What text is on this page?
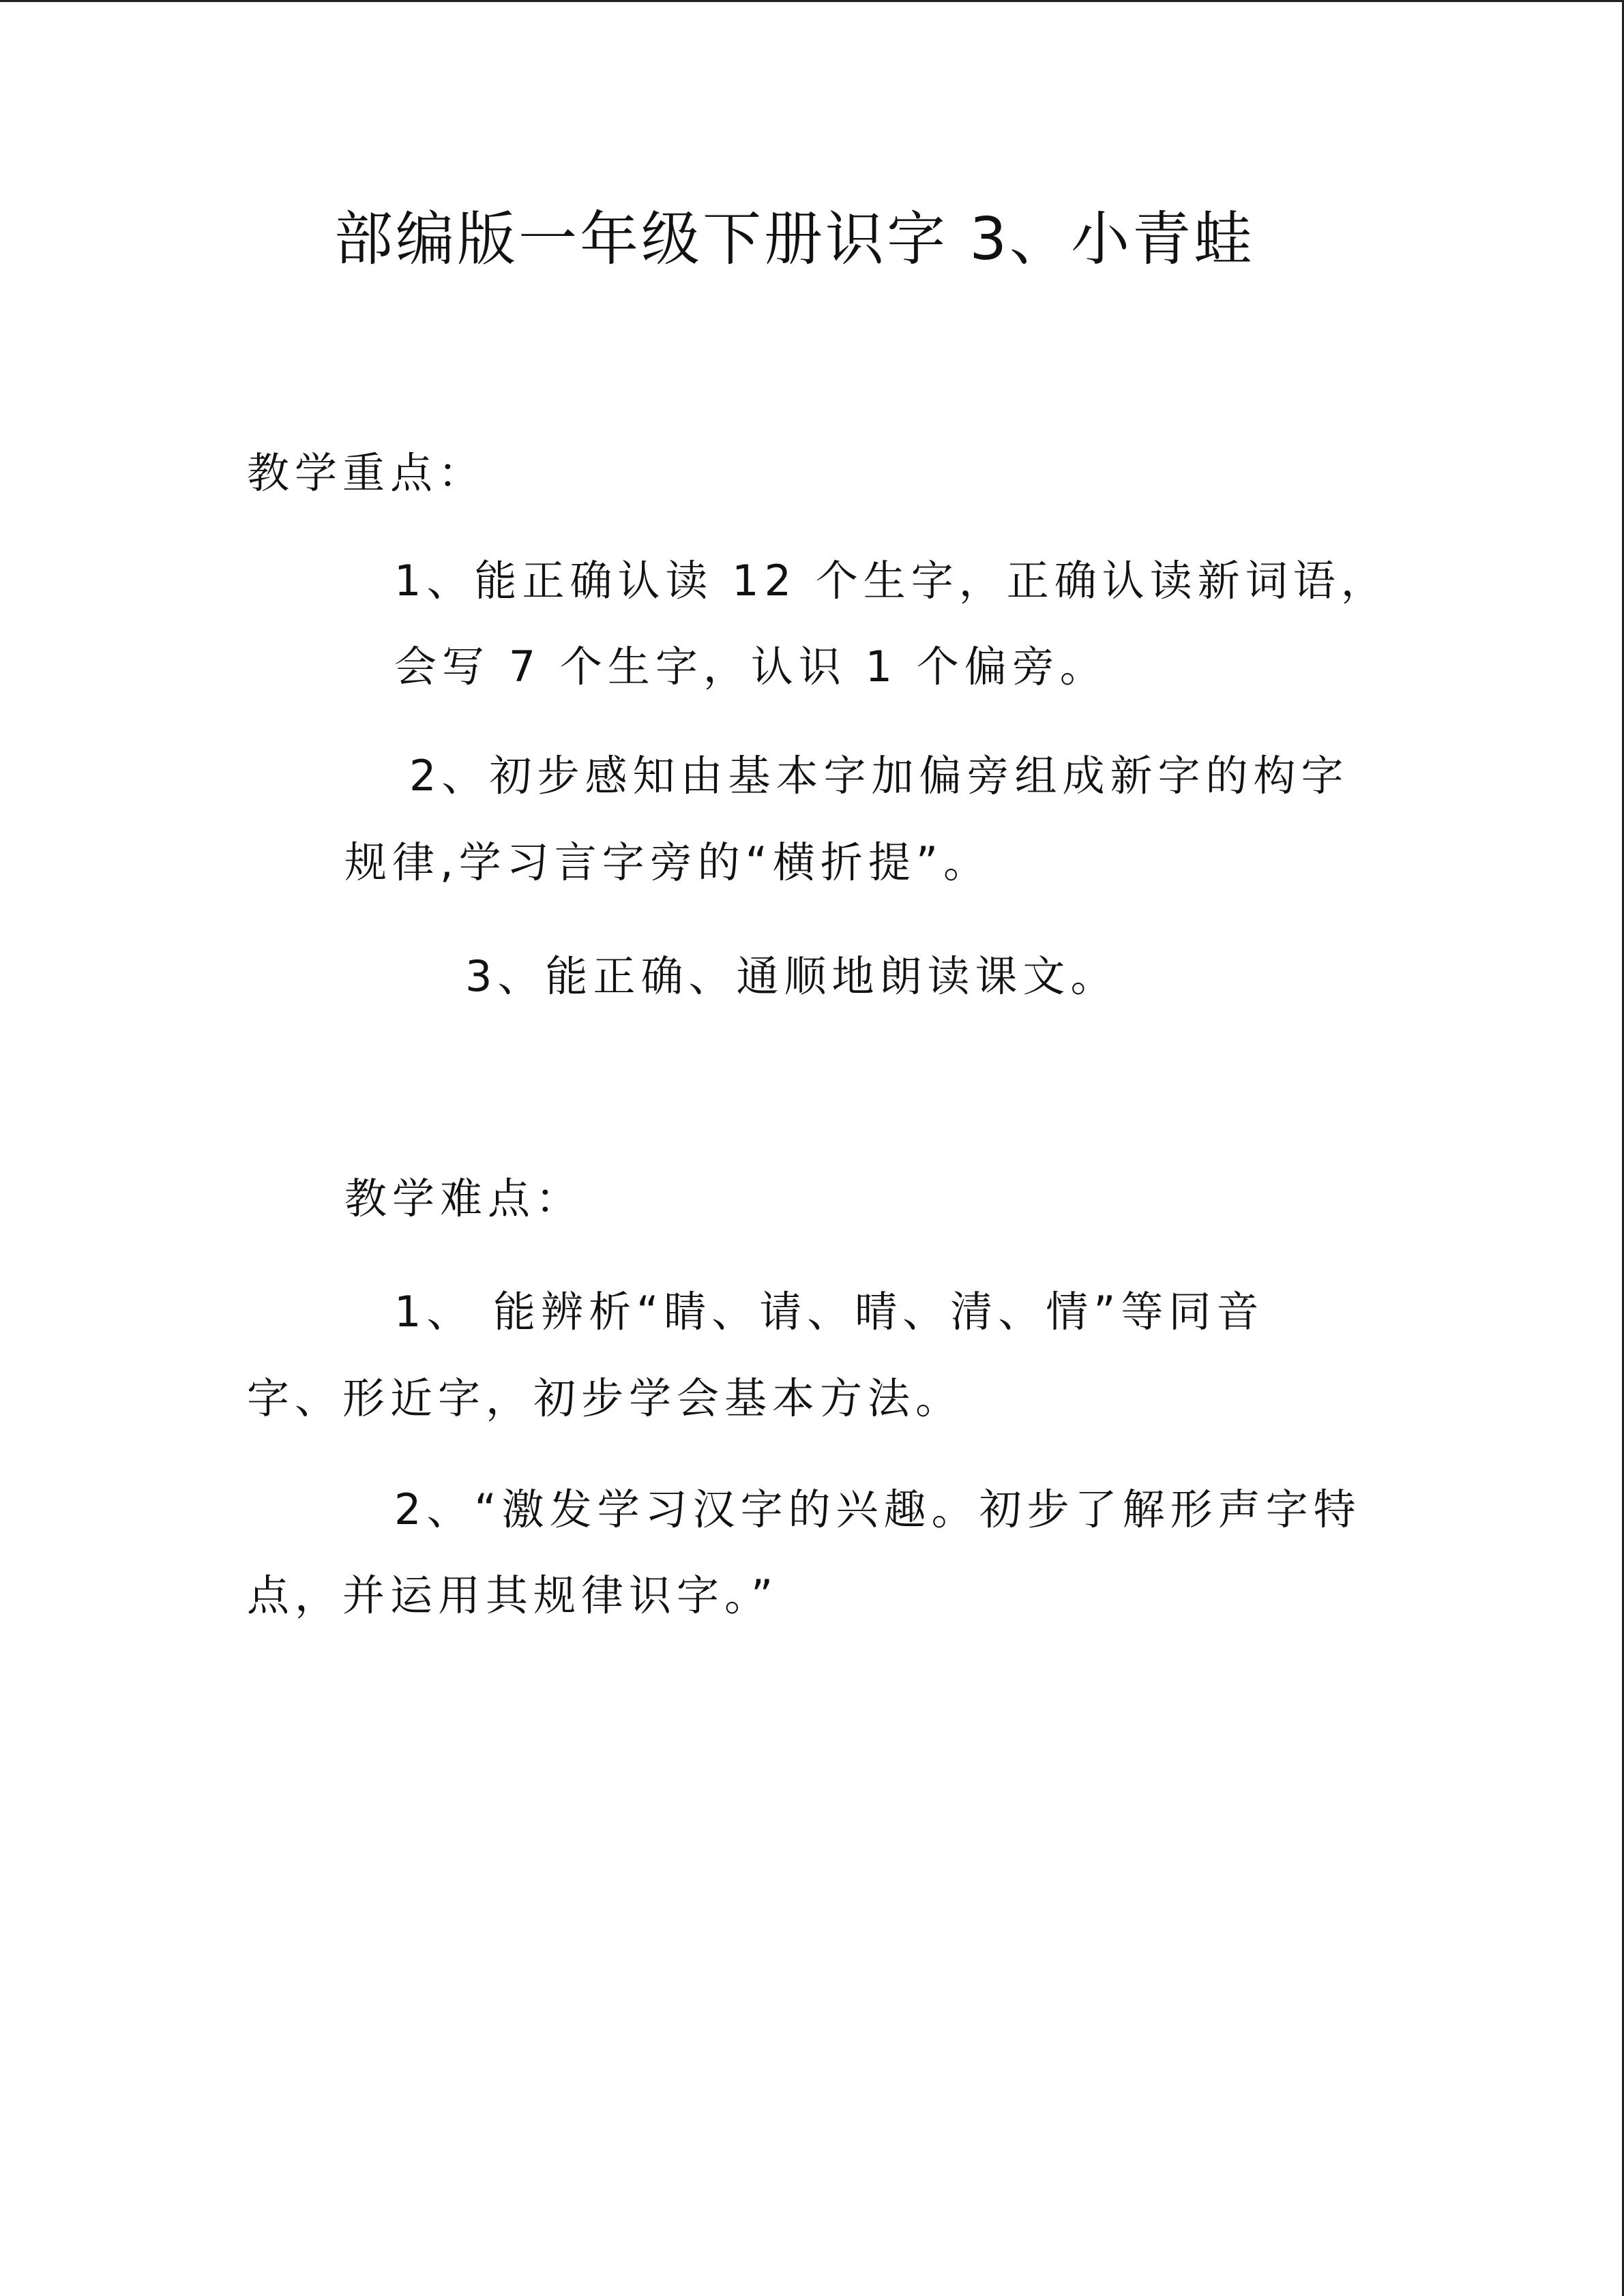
部编版一年级下册识字 3、小青蛙
教学重点：
1、能正确认读 12 个生字，正确认读新词语，
会写 7 个生字，认识 1 个偏旁。
2、初步感知由基本字加偏旁组成新字的构字
规律,学习言字旁的“横折提”。
3、能正确、通顺地朗读课文。
教学难点：
1、 能辨析“睛、请、晴、清、情”等同音
字、形近字，初步学会基本方法。
2、“激发学习汉字的兴趣。初步了解形声字特
点，并运用其规律识字。”
